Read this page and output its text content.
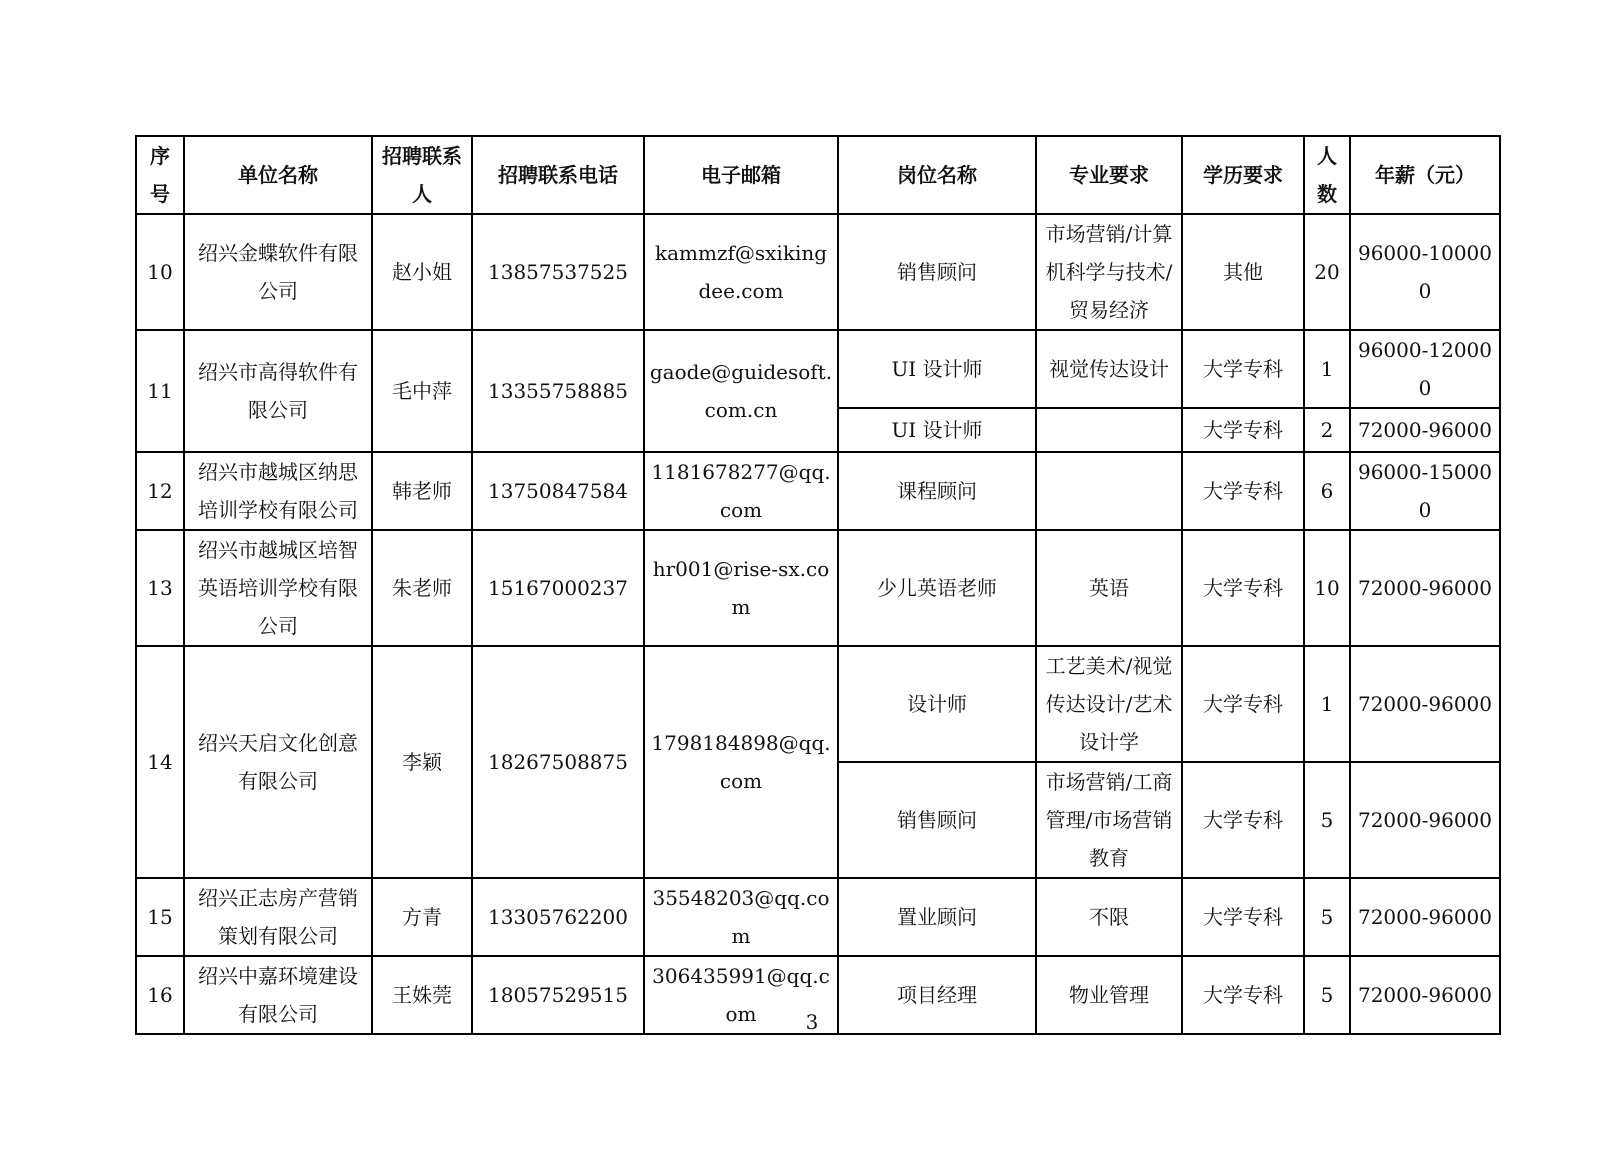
序号	单位名称	招聘联系人	招聘联系电话	电子邮箱	岗位名称	专业要求	学历要求	人数	年薪（元）
10	绍兴金蝶软件有限公司	赵小姐	13857537525	kammzf@sxikingdee.com	销售顾问	市场营销/计算机科学与技术/贸易经济	其他	20	96000-100000
11	绍兴市高得软件有限公司	毛中萍	13355758885	gaode@guidesoft.com.cn	UI 设计师	视觉传达设计	大学专科	1	96000-120000
					UI 设计师		大学专科	2	72000-96000
12	绍兴市越城区纳思培训学校有限公司	韩老师	13750847584	1181678277@qq.com	课程顾问		大学专科	6	96000-150000
13	绍兴市越城区培智英语培训学校有限公司	朱老师	15167000237	hr001@rise-sx.com	少儿英语老师	英语	大学专科	10	72000-96000
14	绍兴天启文化创意有限公司	李颖	18267508875	1798184898@qq.com	设计师	工艺美术/视觉传达设计/艺术设计学	大学专科	1	72000-96000
					销售顾问	市场营销/工商管理/市场营销教育	大学专科	5	72000-96000
15	绍兴正志房产营销策划有限公司	方青	13305762200	35548203@qq.com	置业顾问	不限	大学专科	5	72000-96000
16	绍兴中嘉环境建设有限公司	王姝莞	18057529515	306435991@qq.com	项目经理	物业管理	大学专科	5	72000-96000
3
